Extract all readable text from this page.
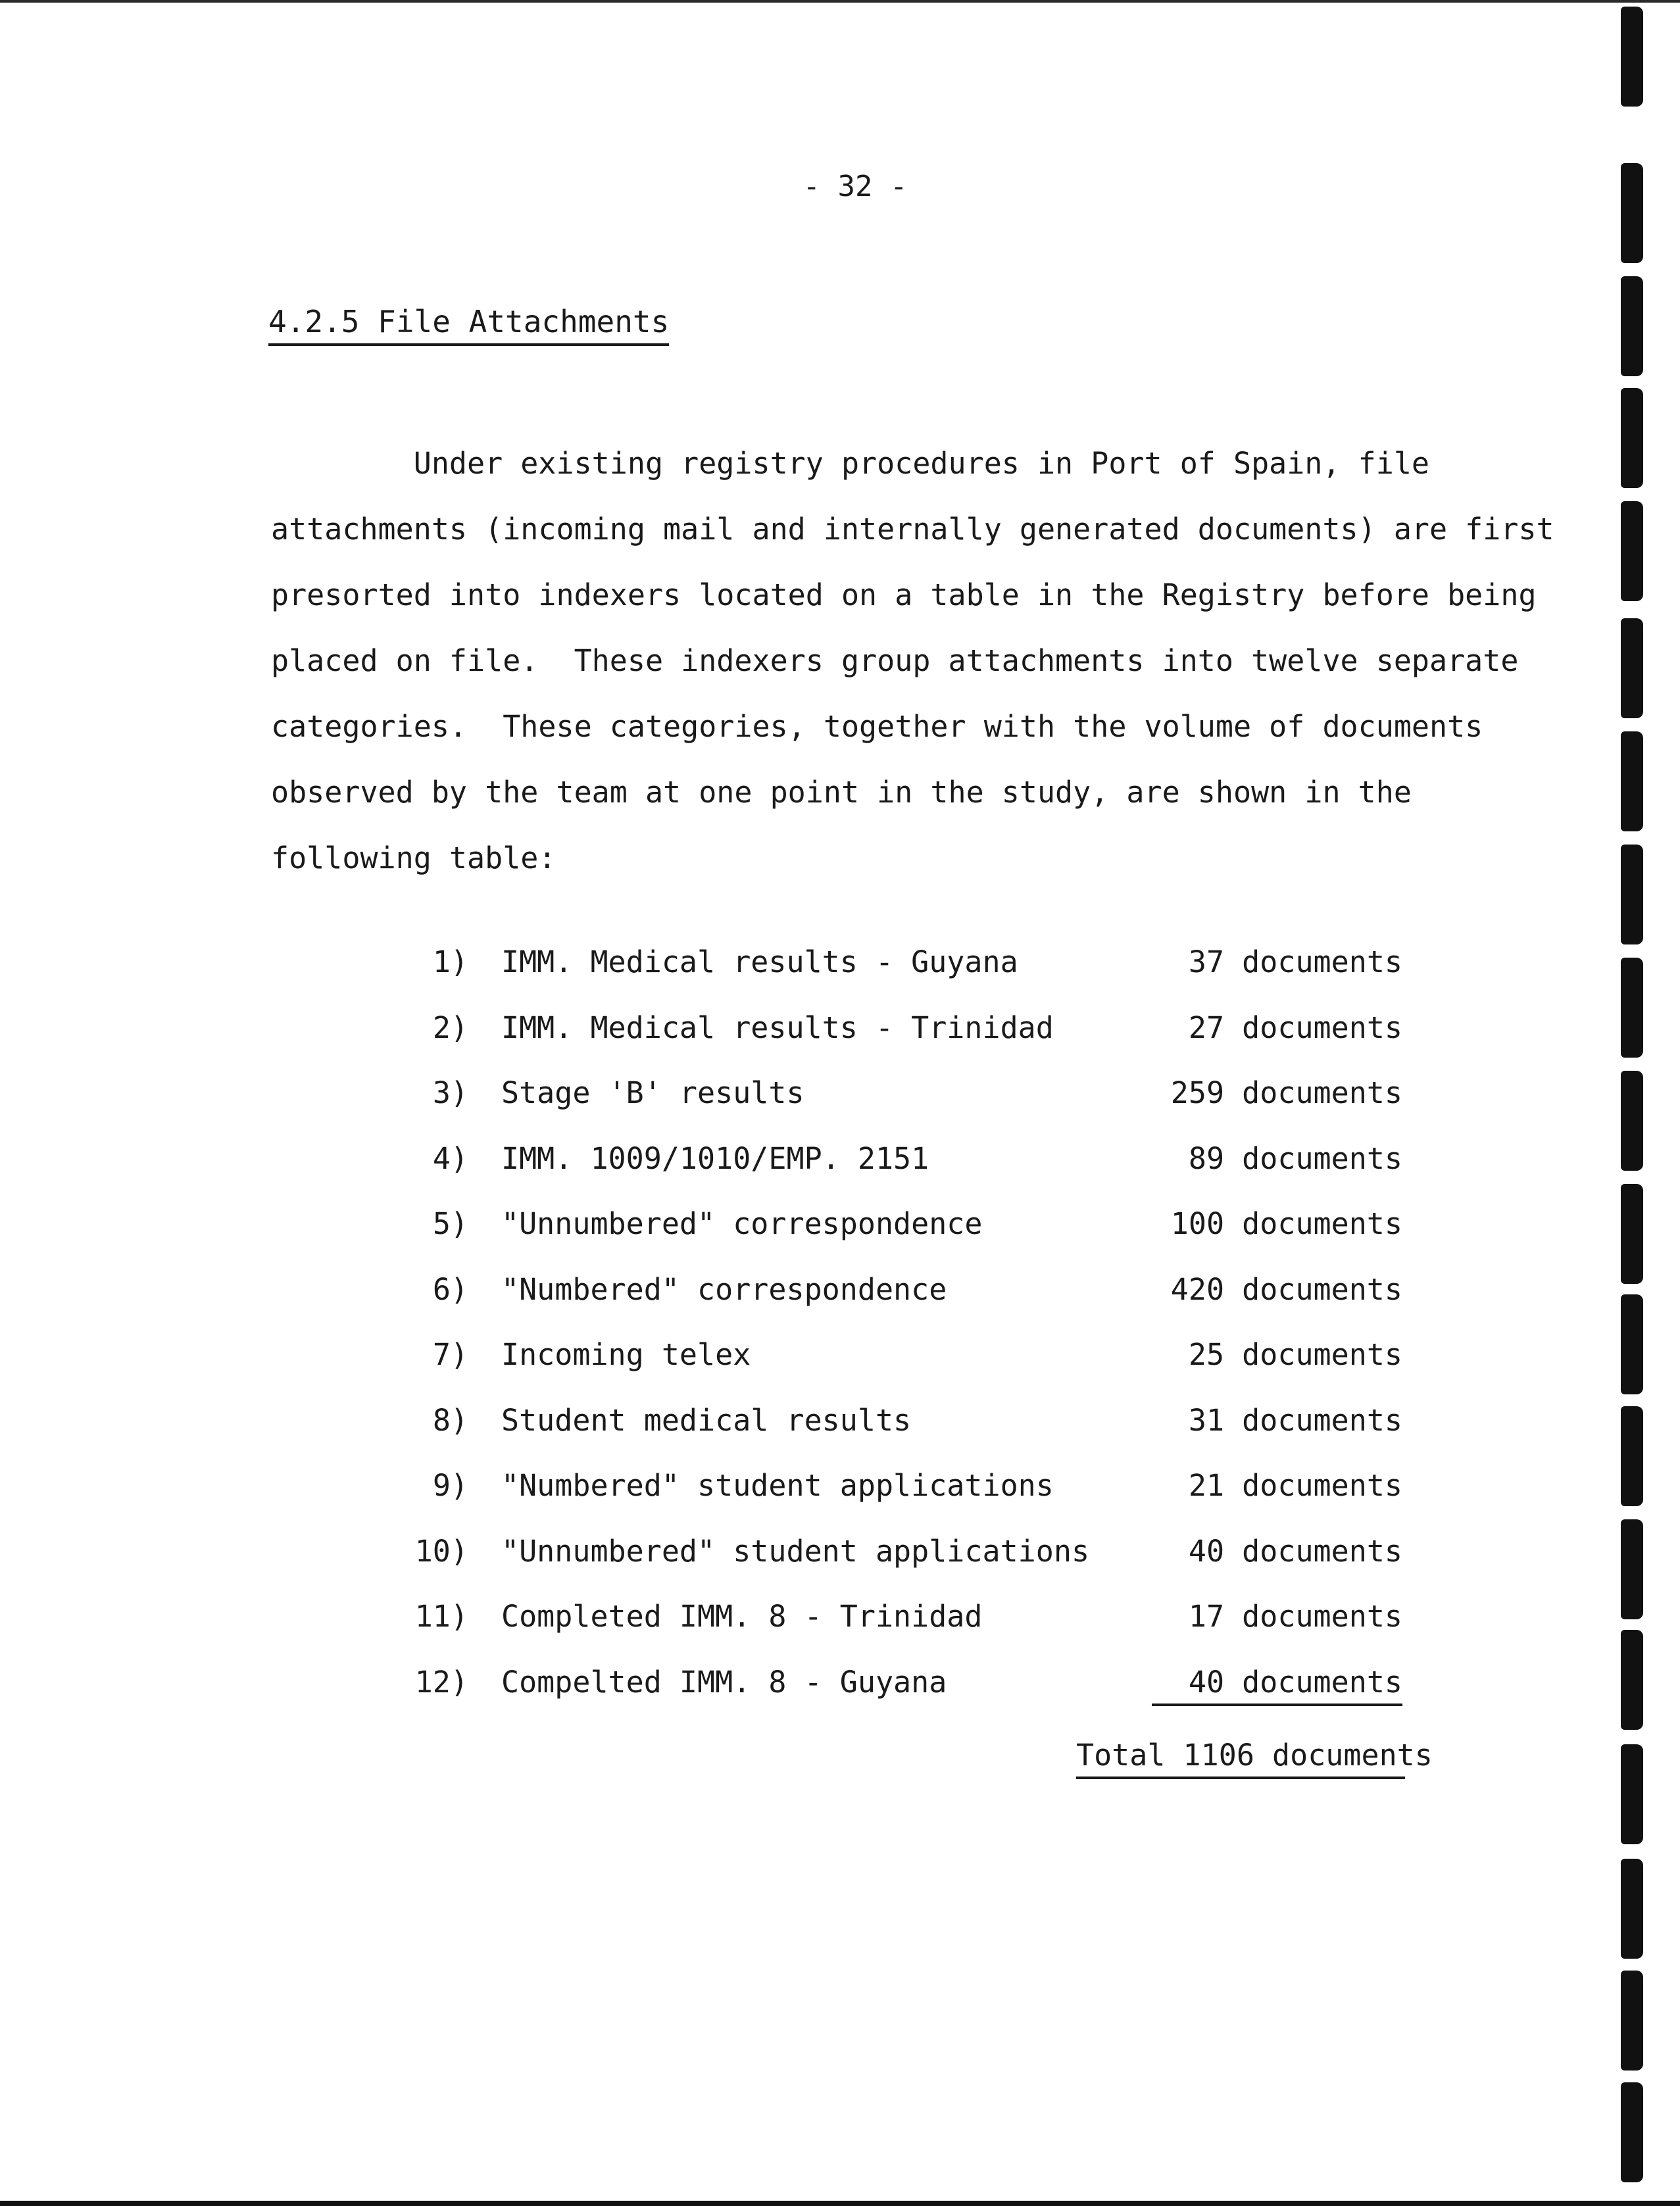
- 32 -
4.2.5 File Attachments
Under existing registry procedures in Port of Spain, file
attachments (incoming mail and internally generated documents) are first
presorted into indexers located on a table in the Registry before being
placed on file.  These indexers group attachments into twelve separate
categories.  These categories, together with the volume of documents
observed by the team at one point in the study, are shown in the
following table:
1) IMM. Medical results - Guyana	37 documents
2) IMM. Medical results - Trinidad	27 documents
3) Stage 'B' results	259 documents
4) IMM. 1009/1010/EMP. 2151	89 documents
5) "Unnumbered" correspondence	100 documents
6) "Numbered" correspondence	420 documents
7) Incoming telex	25 documents
8) Student medical results	31 documents
9) "Numbered" student applications	21 documents
10) "Unnumbered" student applications	40 documents
11) Completed IMM. 8 - Trinidad	17 documents
12) Compelted IMM. 8 - Guyana	40 documents
Total 1106 documents
